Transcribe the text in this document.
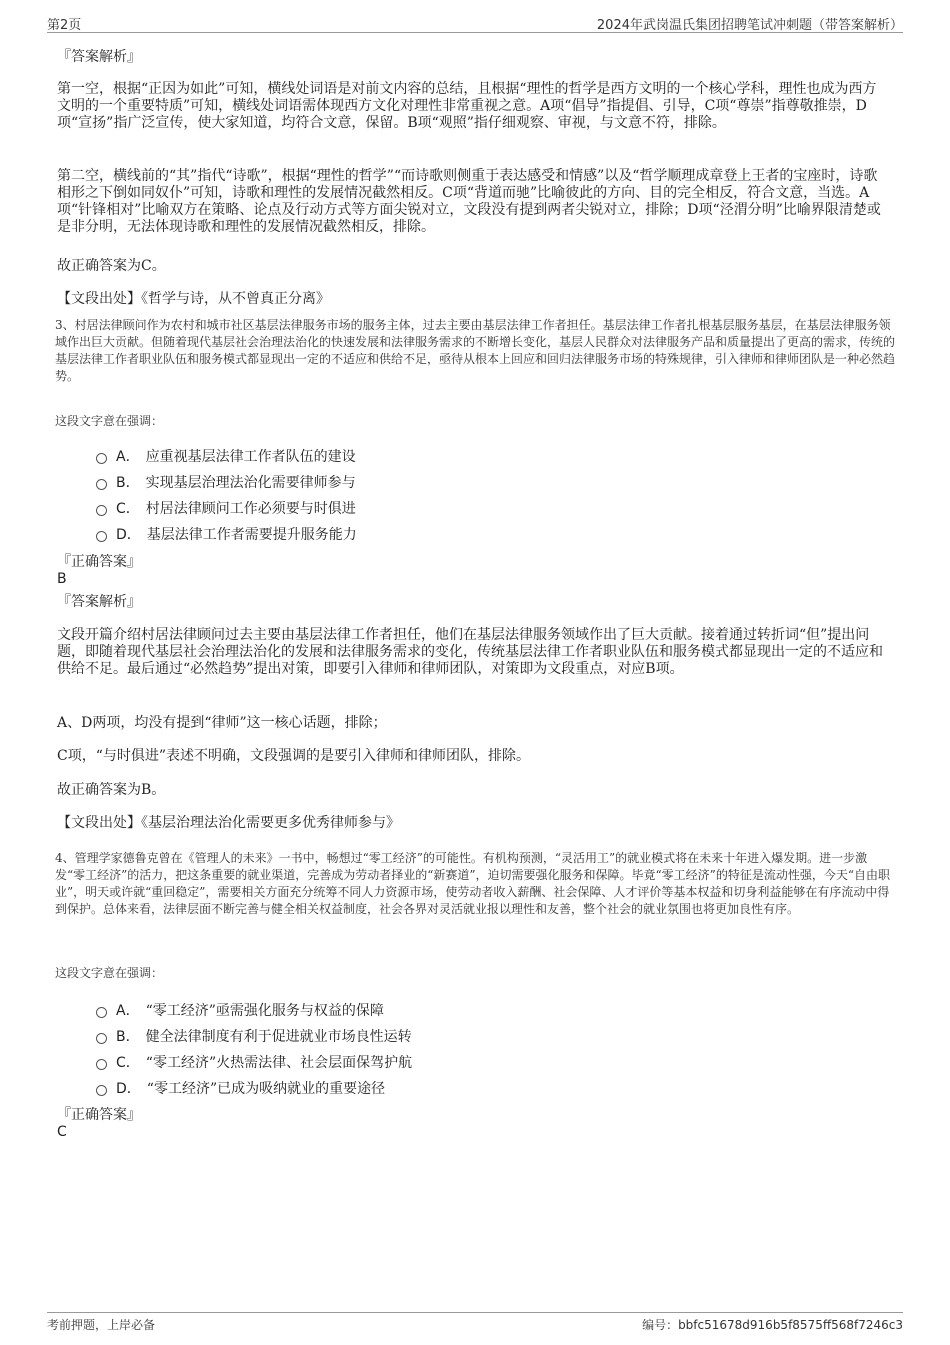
第2页	2024年武岗温氏集团招聘笔试冲刺题（带答案解析）
『答案解析』
第一空，根据“正因为如此”可知，横线处词语是对前文内容的总结，且根据“理性的哲学是西方文明的一个核心学科，理性也成为西方文明的一个重要特质”可知，横线处词语需体现西方文化对理性非常重视之意。A项“倡导”指提倡、引导，C项“尊崇”指尊敬推崇，D项“宣扬”指广泛宣传，使大家知道，均符合文意，保留。B项“观照”指仔细观察、审视，与文意不符，排除。
第二空，横线前的“其”指代“诗歌”，根据“理性的哲学”“而诗歌则侧重于表达感受和情感”以及“哲学顺理成章登上王者的宝座时，诗歌相形之下倒如同奴仆”可知，诗歌和理性的发展情况截然相反。C项“背道而驰”比喻彼此的方向、目的完全相反，符合文意，当选。A项“针锋相对”比喻双方在策略、论点及行动方式等方面尖锐对立，文段没有提到两者尖锐对立，排除；D项“泾渭分明”比喻界限清楚或是非分明，无法体现诗歌和理性的发展情况截然相反，排除。
故正确答案为C。
【文段出处】《哲学与诗，从不曾真正分离》
3、村居法律顾问作为农村和城市社区基层法律服务市场的服务主体，过去主要由基层法律工作者担任。基层法律工作者扎根基层服务基层，在基层法律服务领域作出巨大贡献。但随着现代基层社会治理法治化的快速发展和法律服务需求的不断增长变化，基层人民群众对法律服务产品和质量提出了更高的需求，传统的基层法律工作者职业队伍和服务模式都显现出一定的不适应和供给不足，亟待从根本上回应和回归法律服务市场的特殊规律，引入律师和律师团队是一种必然趋势。
这段文字意在强调：
A． 应重视基层法律工作者队伍的建设
B． 实现基层治理法治化需要律师参与
C． 村居法律顾问工作必须要与时俱进
D． 基层法律工作者需要提升服务能力
『正确答案』
B
『答案解析』
文段开篇介绍村居法律顾问过去主要由基层法律工作者担任，他们在基层法律服务领域作出了巨大贡献。接着通过转折词“但”提出问题，即随着现代基层社会治理法治化的发展和法律服务需求的变化，传统基层法律工作者职业队伍和服务模式都显现出一定的不适应和供给不足。最后通过“必然趋势”提出对策，即要引入律师和律师团队，对策即为文段重点，对应B项。
A、D两项，均没有提到“律师”这一核心话题，排除；
C项，“与时俱进”表述不明确，文段强调的是要引入律师和律师团队，排除。
故正确答案为B。
【文段出处】《基层治理法治化需要更多优秀律师参与》
4、管理学家德鲁克曾在《管理人的未来》一书中，畅想过“零工经济”的可能性。有机构预测，“灵活用工”的就业模式将在未来十年进入爆发期。进一步激发“零工经济”的活力，把这条重要的就业渠道，完善成为劳动者择业的“新赛道”，迫切需要强化服务和保障。毕竟“零工经济”的特征是流动性强，今天“自由职业”，明天或许就“重回稳定”，需要相关方面充分统筹不同人力资源市场，使劳动者收入薪酬、社会保障、人才评价等基本权益和切身利益能够在有序流动中得到保护。总体来看，法律层面不断完善与健全相关权益制度，社会各界对灵活就业报以理性和友善，整个社会的就业氛围也将更加良性有序。
这段文字意在强调：
A． “零工经济”亟需强化服务与权益的保障
B． 健全法律制度有利于促进就业市场良性运转
C． “零工经济”火热需法律、社会层面保驾护航
D． “零工经济”已成为吸纳就业的重要途径
『正确答案』
C
考前押题，上岸必备	编号：bbfc51678d916b5f8575ff568f7246c3
